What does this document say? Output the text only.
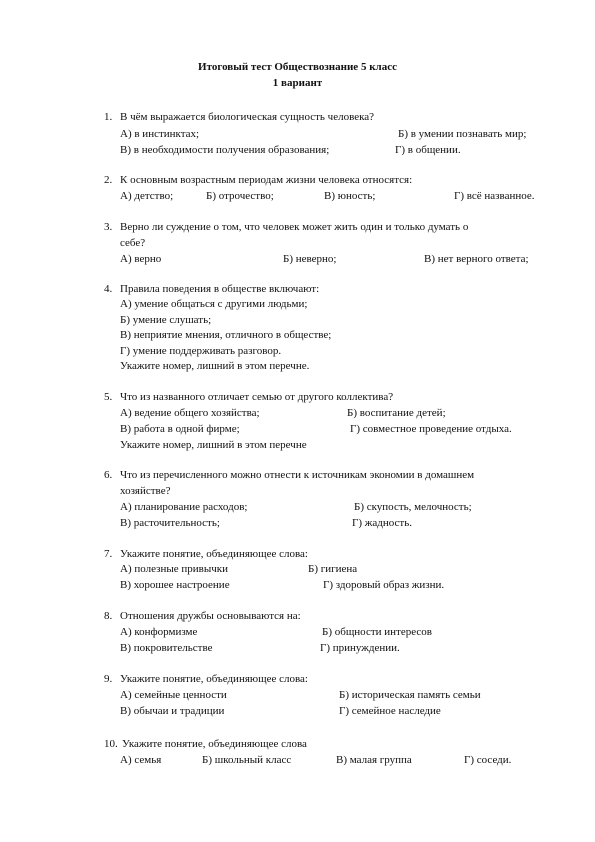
Итоговый тест Обществознание 5 класс
1 вариант
1. В чём выражается биологическая сущность человека?
А) в инстинктах;	Б) в умении познавать мир;
В) в необходимости получения образования;	Г) в общении.
2. К основным возрастным периодам жизни человека относятся:
А) детство;	Б) отрочество;	В) юность;	Г) всё названное.
3. Верно ли суждение о том, что человек может жить один и только думать о
себе?
А) верно	Б) неверно;	В) нет верного ответа;
4. Правила поведения в обществе включают:
А) умение общаться с другими людьми;
Б) умение слушать;
В) неприятие мнения, отличного в обществе;
Г) умение поддерживать разговор.
Укажите номер, лишний в этом перечне.
5. Что из названного отличает семью от другого коллектива?
А) ведение общего хозяйства;	Б) воспитание детей;
В) работа в одной фирме;	Г) совместное проведение отдыха.
Укажите номер, лишний в этом перечне
6. Что из перечисленного можно отнести к источникам экономии в домашнем
хозяйстве?
А) планирование расходов;	Б) скупость, мелочность;
В) расточительность;	Г) жадность.
7. Укажите понятие, объединяющее слова:
А) полезные привычки	Б) гигиена
В) хорошее настроение	Г) здоровый образ жизни.
8. Отношения дружбы основываются на:
А) конформизме	Б) общности интересов
В) покровительстве	Г) принуждении.
9. Укажите понятие, объединяющее слова:
А) семейные ценности	Б) историческая память семьи
В) обычаи и традиции	Г) семейное наследие
10. Укажите понятие, объединяющее слова
А) семья	Б) школьный класс	В) малая группа	Г) соседи.
